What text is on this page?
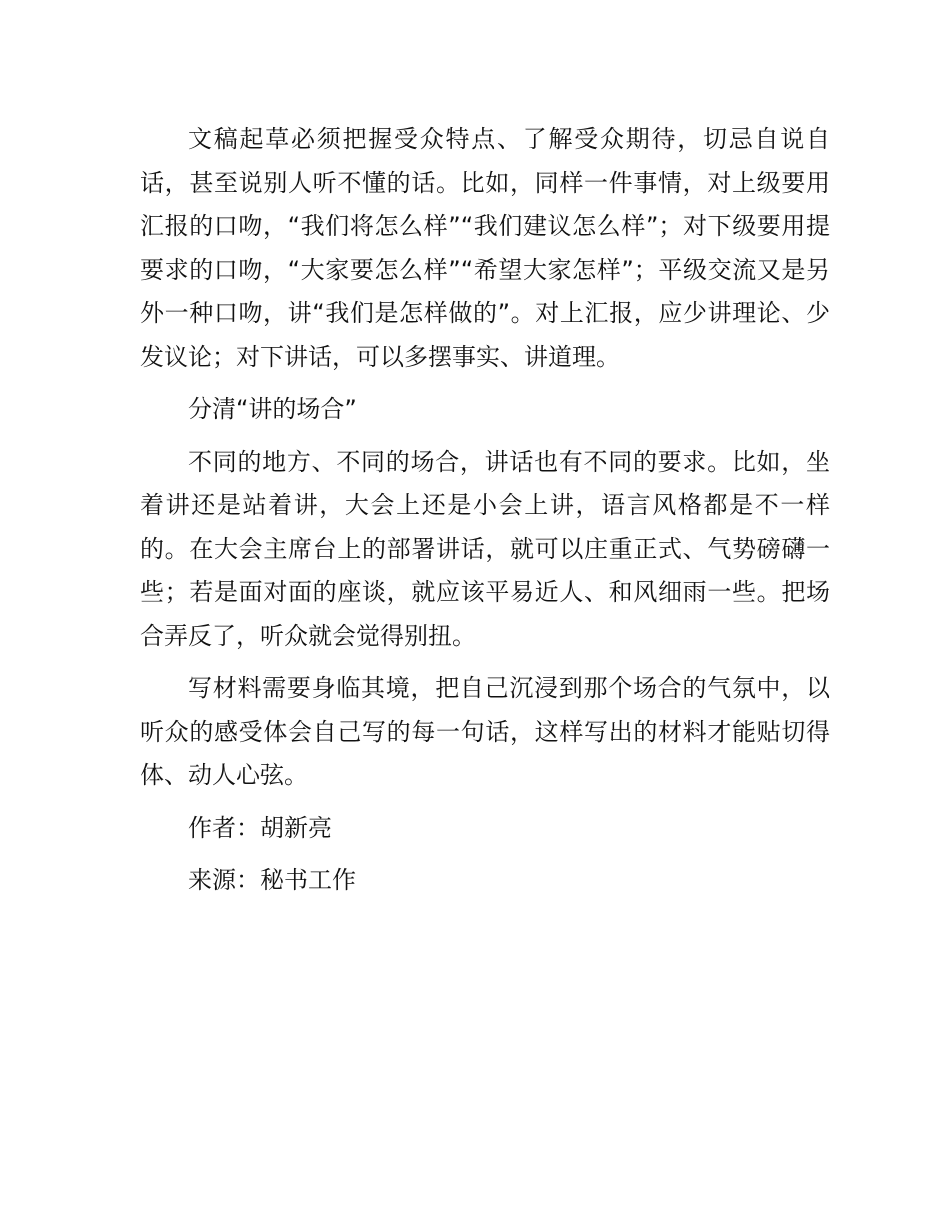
文稿起草必须把握受众特点、了解受众期待，切忌自说自话，甚至说别人听不懂的话。比如，同样一件事情，对上级要用汇报的口吻，“我们将怎么样”“我们建议怎么样”；对下级要用提要求的口吻，“大家要怎么样”“希望大家怎样”；平级交流又是另外一种口吻，讲“我们是怎样做的”。对上汇报，应少讲理论、少发议论；对下讲话，可以多摆事实、讲道理。

分清“讲的场合”

不同的地方、不同的场合，讲话也有不同的要求。比如，坐着讲还是站着讲，大会上还是小会上讲，语言风格都是不一样的。在大会主席台上的部署讲话，就可以庄重正式、气势磅礴一些；若是面对面的座谈，就应该平易近人、和风细雨一些。把场合弄反了，听众就会觉得别扭。

写材料需要身临其境，把自己沉浸到那个场合的气氛中，以听众的感受体会自己写的每一句话，这样写出的材料才能贴切得体、动人心弦。

作者：胡新亮

来源：秘书工作
